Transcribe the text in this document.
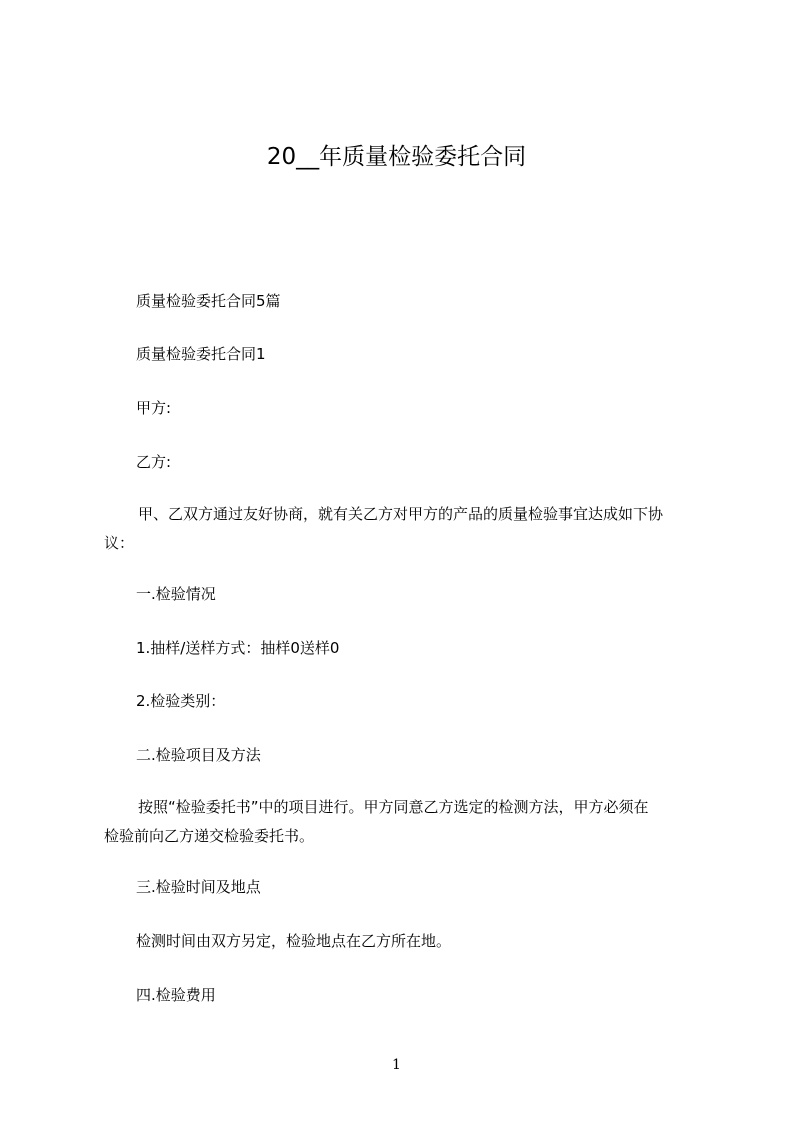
20__年质量检验委托合同
质量检验委托合同5篇
质量检验委托合同1
甲方:
乙方:
甲、乙双方通过友好协商，就有关乙方对甲方的产品的质量检验事宜达成如下协
议：
一.检验情况
1.抽样/送样方式：抽样0送样0
2.检验类别：
二.检验项目及方法
按照“检验委托书”中的项目进行。甲方同意乙方选定的检测方法，甲方必须在
检验前向乙方递交检验委托书。
三.检验时间及地点
检测时间由双方另定，检验地点在乙方所在地。
四.检验费用
1
